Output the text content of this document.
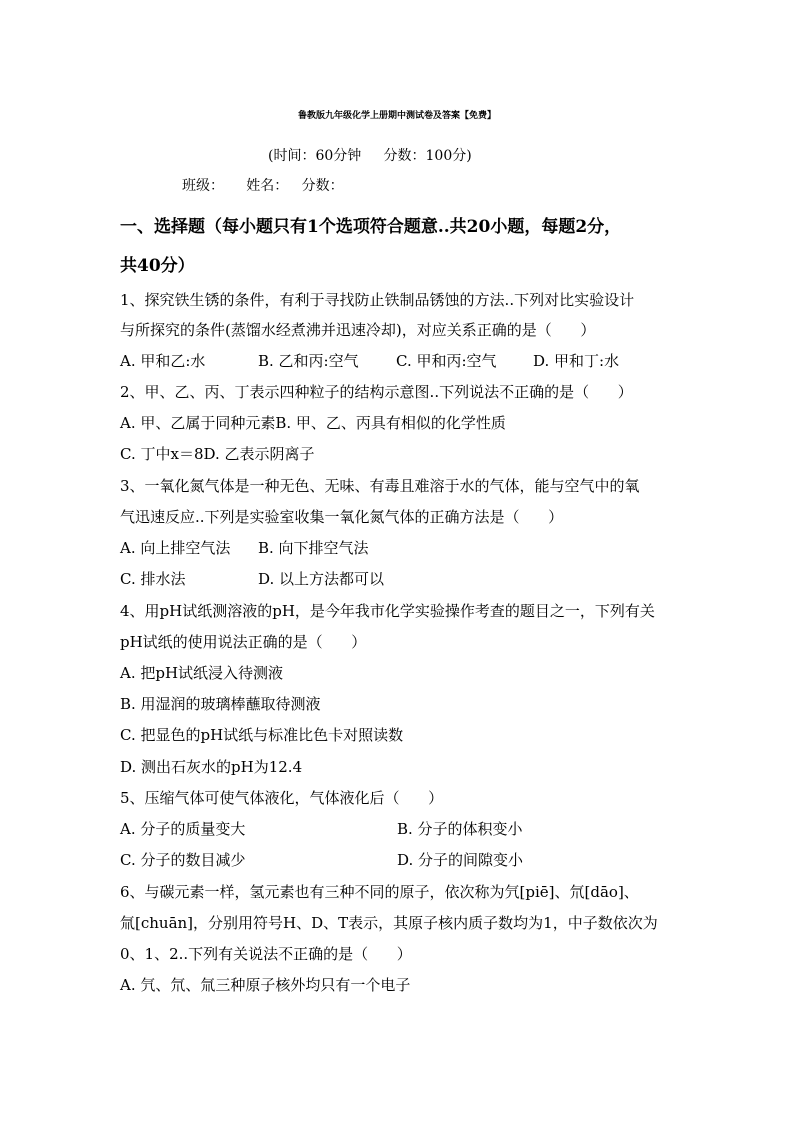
鲁教版九年级化学上册期中测试卷及答案【免费】
(时间：60分钟     分数：100分)
班级：     姓名：   分数：
一、选择题（每小题只有1个选项符合题意..共20小题，每题2分，
共40分）
1、探究铁生锈的条件，有利于寻找防止铁制品锈蚀的方法..下列对比实验设计
与所探究的条件(蒸馏水经煮沸并迅速冷却)，对应关系正确的是（      ）
A. 甲和乙:水	B. 乙和丙:空气 C. 甲和丙:空气 D. 甲和丁:水
2、甲、乙、丙、丁表示四种粒子的结构示意图..下列说法不正确的是（      ）
A. 甲、乙属于同种元素B. 甲、乙、丙具有相似的化学性质
C. 丁中x＝8D. 乙表示阴离子
3、一氧化氮气体是一种无色、无味、有毒且难溶于水的气体，能与空气中的氧
气迅速反应..下列是实验室收集一氧化氮气体的正确方法是（      ）
A. 向上排空气法 B. 向下排空气法
C. 排水法	D. 以上方法都可以
4、用pH试纸测溶液的pH，是今年我市化学实验操作考查的题目之一，下列有关
pH试纸的使用说法正确的是（      ）
A. 把pH试纸浸入待测液
B. 用湿润的玻璃棒蘸取待测液
C. 把显色的pH试纸与标准比色卡对照读数
D. 测出石灰水的pH为12.4
5、压缩气体可使气体液化，气体液化后（      ）
A. 分子的质量变大	B. 分子的体积变小
C. 分子的数目减少	D. 分子的间隙变小
6、与碳元素一样，氢元素也有三种不同的原子，依次称为氕[piē]、氘[dāo]、
氚[chuān]，分别用符号H、D、T表示，其原子核内质子数均为1，中子数依次为
0、1、2..下列有关说法不正确的是（      ）
A. 氕、氘、氚三种原子核外均只有一个电子
